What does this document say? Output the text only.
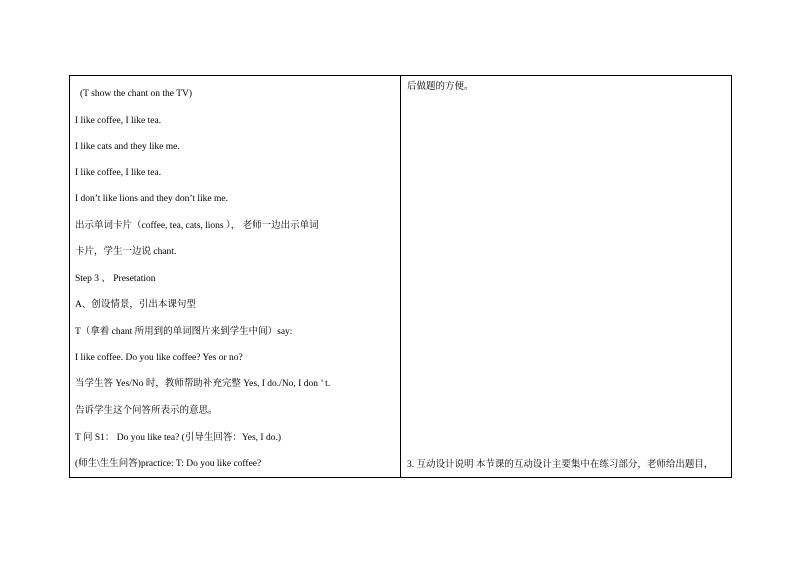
(T show the chant on the TV)
I like coffee, I like tea.
I like cats and they like me.
I like coffee, I like tea.
I don’t like lions and they don’t like me.
出示单词卡片（coffee, tea, cats, lions ）， 老师一边出示单词
卡片，学生一边说 chant.
Step 3 、 Presetation
A、创设情景，引出本课句型
T（拿着 chant 所用到的单词图片来到学生中间）say:
I like coffee. Do you like coffee? Yes or no?
当学生答 Yes/No 时，教师帮助补充完整 Yes, I do./No, I don ’ t.
告诉学生这个问答所表示的意思。
T 问 S1： Do you like tea? (引导生回答：Yes, I do.)
(师生\生生问答)practice: T: Do you like coffee?
后做题的方便。
3. 互动设计说明 本节课的互动设计主要集中在练习部分，老师给出题目，
